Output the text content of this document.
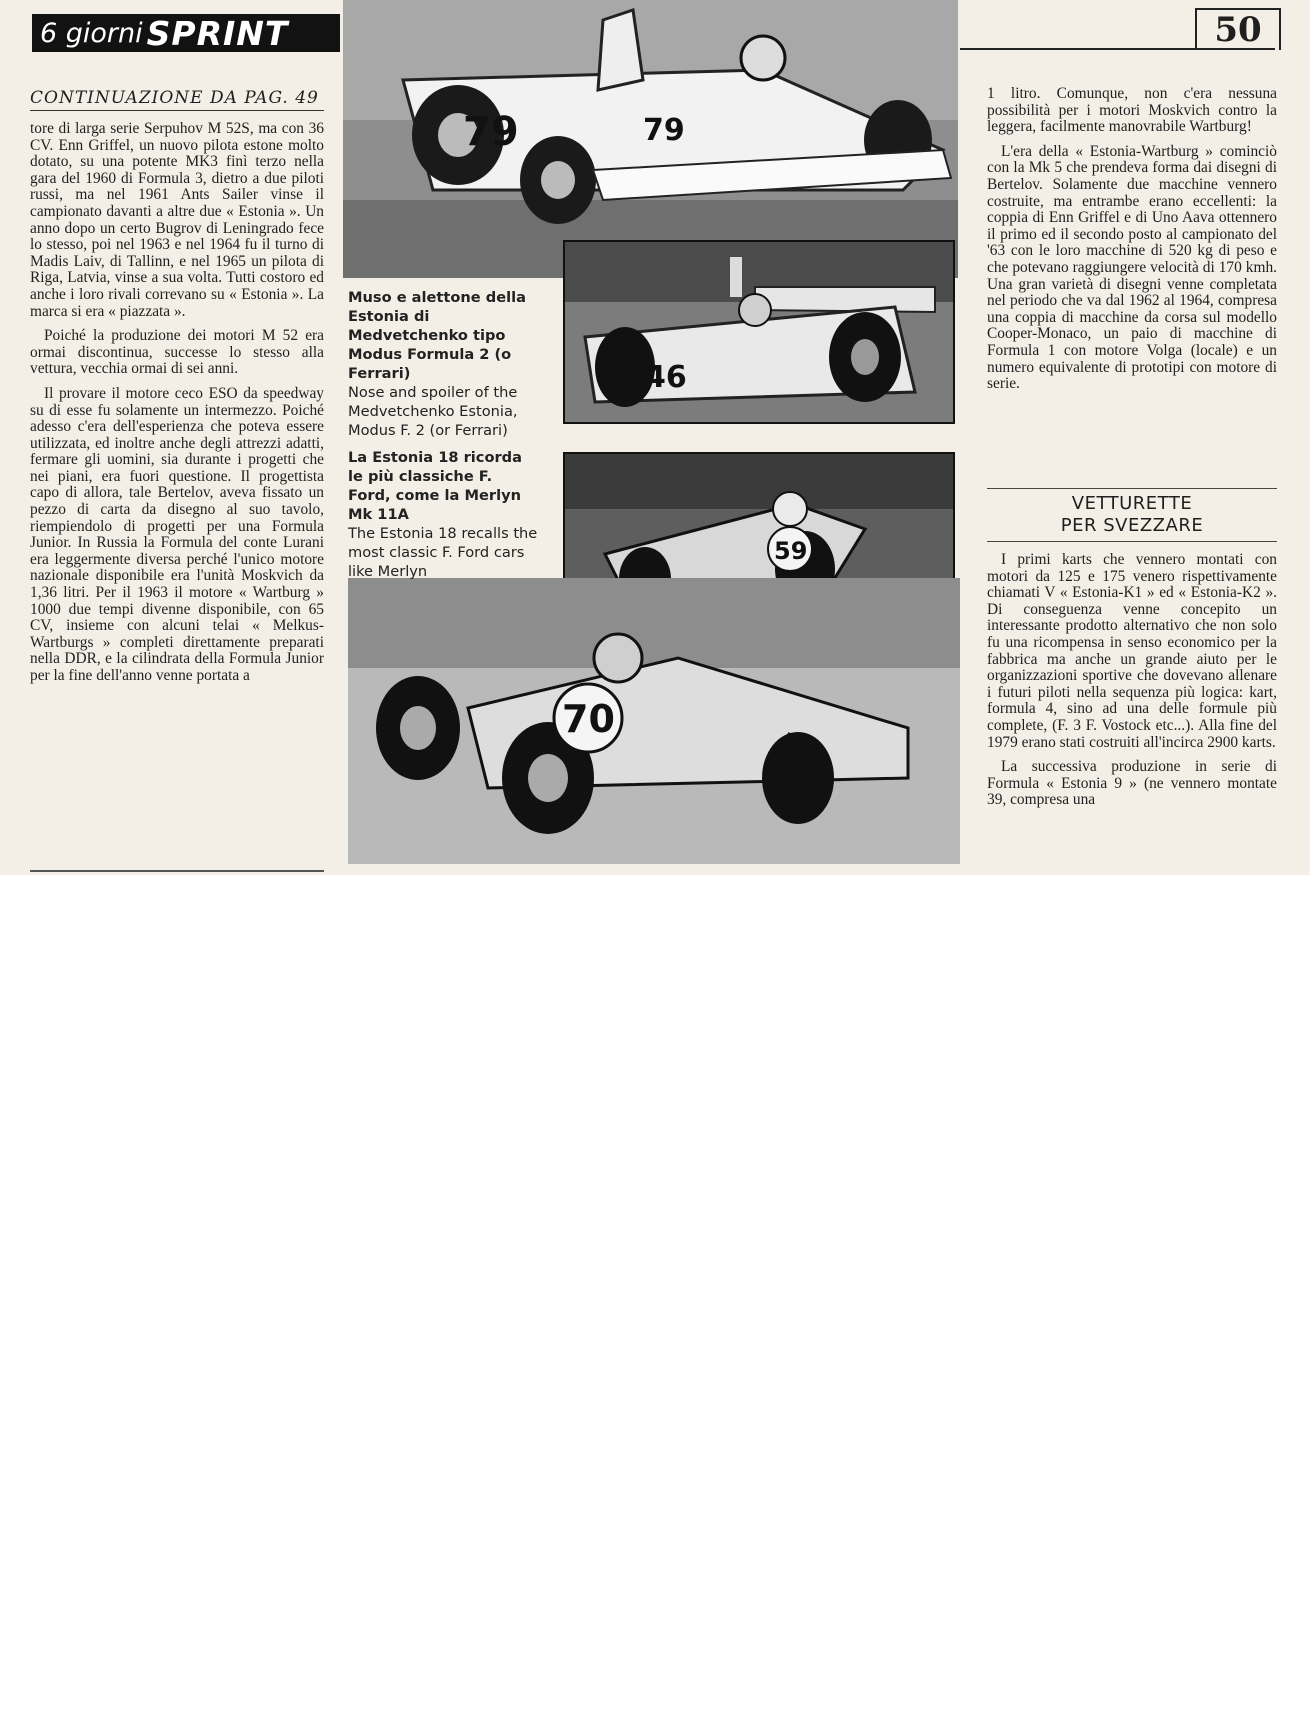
6 giorni SPRINT	50
CONTINUAZIONE DA PAG. 49

tore di larga serie Serpuhov M 52S, ma con 36 CV. Enn Griffel, un nuovo pilota estone molto dotato, su una potente MK3 finì terzo nella gara del 1960 di Formula 3, dietro a due piloti russi, ma nel 1961 Ants Sailer vinse il campionato davanti a altre due « Estonia ». Un anno dopo un certo Bugrov di Leningrado fece lo stesso, poi nel 1963 e nel 1964 fu il turno di Madis Laiv, di Tallinn, e nel 1965 un pilota di Riga, Latvia, vinse a sua volta. Tutti costoro ed anche i loro rivali correvano su « Estonia ». La marca si era « piazzata ».

Poiché la produzione dei motori M 52 era ormai discontinua, successe lo stesso alla vettura, vecchia ormai di sei anni.

Il provare il motore ceco ESO da speedway su di esse fu solamente un intermezzo. Poiché adesso c'era dell'esperienza che poteva essere utilizzata, ed inoltre anche degli attrezzi adatti, fermare gli uomini, sia durante i progetti che nei piani, era fuori questione. Il progettista capo di allora, tale Bertelov, aveva fissato un pezzo di carta da disegno al suo tavolo, riempiendolo di progetti per una Formula Junior. In Russia la Formula del conte Lurani era leggermente diversa perché l'unico motore nazionale disponibile era l'unità Moskvich da 1,36 litri. Per il 1963 il motore « Wartburg » 1000 due tempi divenne disponibile, con 65 CV, insieme con alcuni telai « Melkus-Wartburgs » completi direttamente preparati nella DDR, e la cilindrata della Formula Junior per la fine dell'anno venne portata a

79	79
46
59
70
70
Muso e alettone della Estonia di Medvetchenko tipo Modus Formula 2 (o Ferrari)
Nose and spoiler of the Medvetchenko Estonia, Modus F. 2 (or Ferrari)
La Estonia 18 ricorda le più classiche F. Ford, come la Merlyn Mk 11A
The Estonia 18 recalls the most classic F. Ford cars like Merlyn

1 litro. Comunque, non c'era nessuna possibilità per i motori Moskvich contro la leggera, facilmente manovrabile Wartburg!

L'era della « Estonia-Wartburg » cominciò con la Mk 5 che prendeva forma dai disegni di Bertelov. Solamente due macchine vennero costruite, ma entrambe erano eccellenti: la coppia di Enn Griffel e di Uno Aava ottennero il primo ed il secondo posto al campionato del '63 con le loro macchine di 520 kg di peso e che potevano raggiungere velocità di 170 kmh. Una gran varietà di disegni venne completata nel periodo che va dal 1962 al 1964, compresa una coppia di macchine da corsa sul modello Cooper-Monaco, un paio di macchine di Formula 1 con motore Volga (locale) e un numero equivalente di prototipi con motore di serie.

VETTURETTE
PER SVEZZARE

I primi karts che vennero montati con motori da 125 e 175 venero rispettivamente chiamati V « Estonia-K1 » ed « Estonia-K2 ». Di conseguenza venne concepito un interessante prodotto alternativo che non solo fu una ricompensa in senso economico per la fabbrica ma anche un grande aiuto per le organizzazioni sportive che dovevano allenare i futuri piloti nella sequenza più logica: kart, formula 4, sino ad una delle formule più complete, (F. 3 F. Vostock etc...). Alla fine del 1979 erano stati costruiti all'incirca 2900 karts.

La successiva produzione in serie di Formula « Estonia 9 » (ne vennero montate 39, compresa una
